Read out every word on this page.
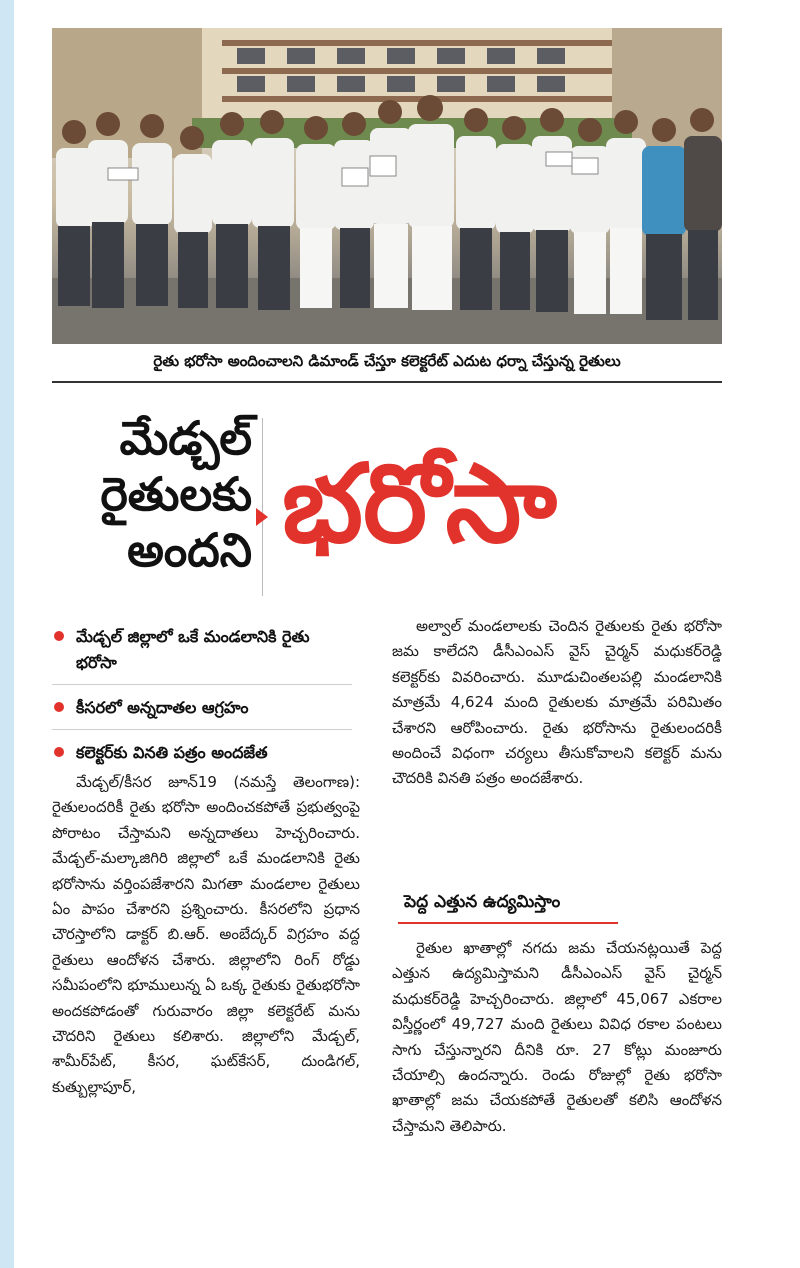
రైతు భరోసా అందించాలని డిమాండ్ చేస్తూ కలెక్టరేట్ ఎదుట ధర్నా చేస్తున్న రైతులు
మేడ్చల్
రైతులకు
అందని భరోసా
మేడ్చల్ జిల్లాలో ఒకే మండలానికి రైతు భరోసా
కీసరలో అన్నదాతల ఆగ్రహం
కలెక్టర్‌కు వినతి పత్రం అందజేత

మేడ్చల్/కీసర జూన్19 (నమస్తే తెలంగాణ): రైతులందరికీ రైతు భరోసా అందించకపోతే ప్రభుత్వంపై పోరాటం చేస్తామని అన్నదాతలు హెచ్చరించారు. మేడ్చల్-మల్కాజిగిరి జిల్లాలో ఒకే మండలానికి రైతు భరోసాను వర్తింపజేశారని మిగతా మండలాల రైతులు ఏం పాపం చేశారని ప్రశ్నించారు. కీసరలోని ప్రధాన చౌరస్తాలోని డాక్టర్ బి.ఆర్. అంబేద్కర్ విగ్రహం వద్ద రైతులు ఆందోళన చేశారు. జిల్లాలోని రింగ్ రోడ్డు సమీపంలోని భూములున్న ఏ ఒక్క రైతుకు రైతుభరోసా అందకపోడంతో గురువారం జిల్లా కలెక్టరేట్ మను చౌదరిని రైతులు కలిశారు. జిల్లాలోని మేడ్చల్, శామీర్‌పేట్, కీసర, ఘట్‌కేసర్, దుండిగల్, కుత్బుల్లాపూర్,

అల్వాల్ మండలాలకు చెందిన రైతులకు రైతు భరోసా జమ కాలేదని డీసీఎంఎస్ వైస్ చైర్మన్ మధుకర్‌రెడ్డి కలెక్టర్‌కు వివరించారు. మూడుచింతలపల్లి మండలానికి మాత్రమే 4,624 మంది రైతులకు మాత్రమే పరిమితం చేశారని ఆరోపించారు. రైతు భరోసాను రైతులందరికీ అందించే విధంగా చర్యలు తీసుకోవాలని కలెక్టర్ మను చౌదరికి వినతి పత్రం అందజేశారు.

పెద్ద ఎత్తున ఉద్యమిస్తాం

రైతుల ఖాతాల్లో నగదు జమ చేయనట్లయితే పెద్ద ఎత్తున ఉద్యమిస్తామని డీసీఎంఎస్ వైస్ చైర్మన్ మధుకర్‌రెడ్డి హెచ్చరించారు. జిల్లాలో 45,067 ఎకరాల విస్తీర్ణంలో 49,727 మంది రైతులు వివిధ రకాల పంటలు సాగు చేస్తున్నారని దీనికి రూ. 27 కోట్లు మంజూరు చేయాల్సి ఉందన్నారు. రెండు రోజుల్లో రైతు భరోసా ఖాతాల్లో జమ చేయకపోతే రైతులతో కలిసి ఆందోళన చేస్తామని తెలిపారు.
